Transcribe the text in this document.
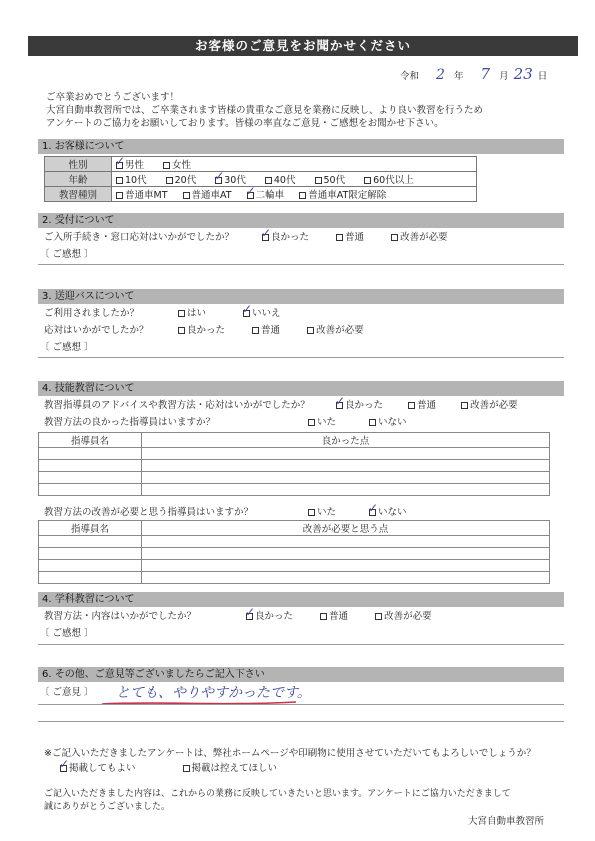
お客様のご意見をお聞かせください
令和 2 年 7 月 23 日
ご卒業おめでとうございます！
大宮自動車教習所では、ご卒業されます皆様の貴重なご意見を業務に反映し、より良い教習を行うため
アンケートのご協力をお願いしております。皆様の率直なご意見・ご感想をお聞かせ下さい。
1. お客様について
性別	✓ 男性 女性
年齢	10代 20代 ✓ 30代 40代 50代 60代以上
教習種別	普通車MT 普通車AT ✓ 二輪車 普通車AT限定解除
2. 受付について
ご入所手続き・窓口応対はいかがでしたか？ ✓ 良かった	普通	改善が必要
〔 ご感想 〕
3. 送迎バスについて
ご利用されましたか？	はい	✓ いいえ
応対はいかがでしたか？	良かった	普通	改善が必要
〔 ご感想 〕
4. 技能教習について
教習指導員のアドバイスや教習方法・応対はいかがでしたか？ ✓ 良かった	普通	改善が必要
教習方法の良かった指導員はいますか？	いた	いない
指導員名	良かった点

教習方法の改善が必要と思う指導員はいますか？	いた	✓ いない
指導員名	改善が必要と思う点

4. 学科教習について
教習方法・内容はいかがでしたか？	✓ 良かった	普通	改善が必要
〔 ご感想 〕
6. その他、ご意見等ございましたらご記入下さい
〔 ご意見 〕 とても、やりやすかったです。
※ご記入いただきましたアンケートは、弊社ホームページや印刷物に使用させていただいてもよろしいでしょうか？
✓ 掲載してもよい	掲載は控えてほしい
ご記入いただきました内容は、これからの業務に反映していきたいと思います。アンケートにご協力いただきまして
誠にありがとうございました。
大宮自動車教習所
